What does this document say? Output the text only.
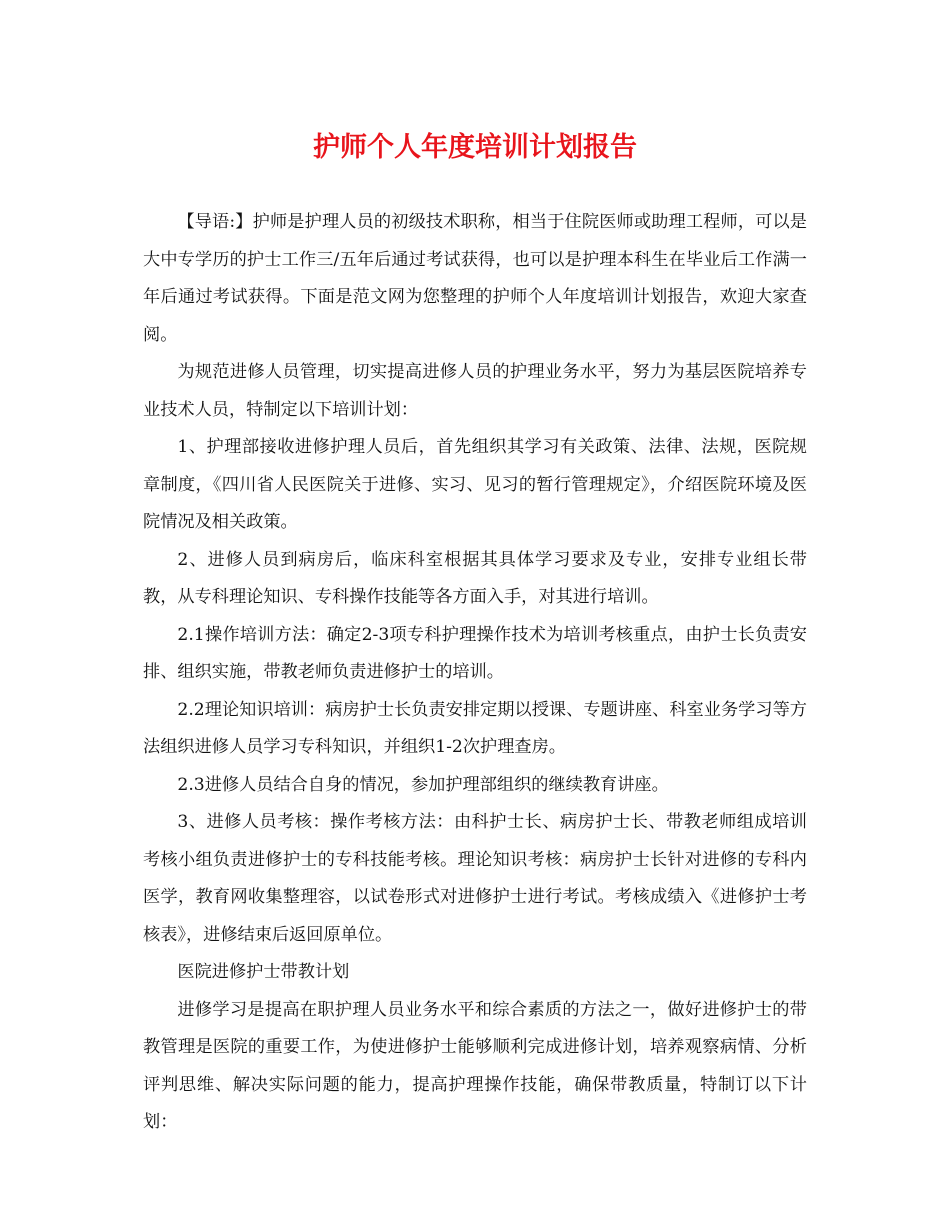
护师个人年度培训计划报告

【导语:】护师是护理人员的初级技术职称，相当于住院医师或助理工程师，可以是大中专学历的护士工作三/五年后通过考试获得，也可以是护理本科生在毕业后工作满一年后通过考试获得。下面是范文网为您整理的护师个人年度培训计划报告，欢迎大家查阅。

为规范进修人员管理，切实提高进修人员的护理业务水平，努力为基层医院培养专业技术人员，特制定以下培训计划：

1、护理部接收进修护理人员后，首先组织其学习有关政策、法律、法规，医院规章制度，《四川省人民医院关于进修、实习、见习的暂行管理规定》，介绍医院环境及医院情况及相关政策。

2、进修人员到病房后，临床科室根据其具体学习要求及专业，安排专业组长带教，从专科理论知识、专科操作技能等各方面入手，对其进行培训。

2.1操作培训方法：确定2-3项专科护理操作技术为培训考核重点，由护士长负责安排、组织实施，带教老师负责进修护士的培训。

2.2理论知识培训：病房护士长负责安排定期以授课、专题讲座、科室业务学习等方法组织进修人员学习专科知识，并组织1-2次护理查房。

2.3进修人员结合自身的情况，参加护理部组织的继续教育讲座。

3、进修人员考核：操作考核方法：由科护士长、病房护士长、带教老师组成培训考核小组负责进修护士的专科技能考核。理论知识考核：病房护士长针对进修的专科内医学，教育网收集整理容，以试卷形式对进修护士进行考试。考核成绩入《进修护士考核表》，进修结束后返回原单位。

医院进修护士带教计划

进修学习是提高在职护理人员业务水平和综合素质的方法之一，做好进修护士的带教管理是医院的重要工作，为使进修护士能够顺利完成进修计划，培养观察病情、分析评判思维、解决实际问题的能力，提高护理操作技能，确保带教质量，特制订以下计划：
